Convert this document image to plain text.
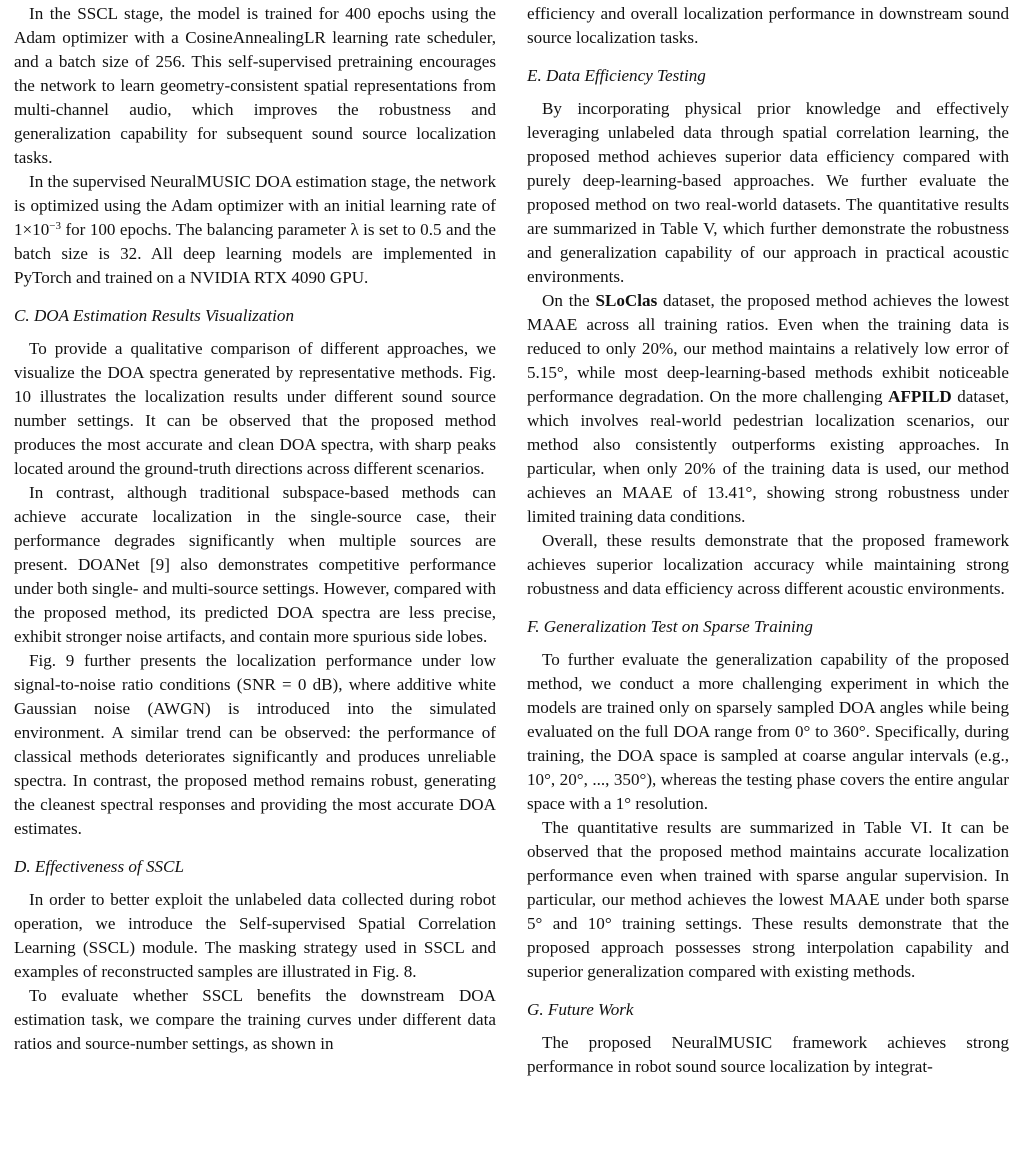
In the SSCL stage, the model is trained for 400 epochs using the Adam optimizer with a CosineAnnealingLR learning rate scheduler, and a batch size of 256. This self-supervised pretraining encourages the network to learn geometry-consistent spatial representations from multi-channel audio, which improves the robustness and generalization capability for subsequent sound source localization tasks.

In the supervised NeuralMUSIC DOA estimation stage, the network is optimized using the Adam optimizer with an initial learning rate of $1\times 10^{-3}$ for 100 epochs. The balancing parameter λ is set to 0.5 and the batch size is 32. All deep learning models are implemented in PyTorch and trained on a NVIDIA RTX 4090 GPU.

C. DOA Estimation Results Visualization

To provide a qualitative comparison of different approaches, we visualize the DOA spectra generated by representative methods. Fig. 10 illustrates the localization results under different sound source number settings. It can be observed that the proposed method produces the most accurate and clean DOA spectra, with sharp peaks located around the ground-truth directions across different scenarios.

In contrast, although traditional subspace-based methods can achieve accurate localization in the single-source case, their performance degrades significantly when multiple sources are present. DOANet [9] also demonstrates competitive performance under both single- and multi-source settings. However, compared with the proposed method, its predicted DOA spectra are less precise, exhibit stronger noise artifacts, and contain more spurious side lobes.

Fig. 9 further presents the localization performance under low signal-to-noise ratio conditions (SNR = 0 dB), where additive white Gaussian noise (AWGN) is introduced into the simulated environment. A similar trend can be observed: the performance of classical methods deteriorates significantly and produces unreliable spectra. In contrast, the proposed method remains robust, generating the cleanest spectral responses and providing the most accurate DOA estimates.

D. Effectiveness of SSCL

In order to better exploit the unlabeled data collected during robot operation, we introduce the Self-supervised Spatial Correlation Learning (SSCL) module. The masking strategy used in SSCL and examples of reconstructed samples are illustrated in Fig. 8.

To evaluate whether SSCL benefits the downstream DOA estimation task, we compare the training curves under different data ratios and source-number settings, as shown in

efficiency and overall localization performance in downstream sound source localization tasks.

E. Data Efficiency Testing

By incorporating physical prior knowledge and effectively leveraging unlabeled data through spatial correlation learning, the proposed method achieves superior data efficiency compared with purely deep-learning-based approaches. We further evaluate the proposed method on two real-world datasets. The quantitative results are summarized in Table V, which further demonstrate the robustness and generalization capability of our approach in practical acoustic environments.

On the SLoClas dataset, the proposed method achieves the lowest MAAE across all training ratios. Even when the training data is reduced to only 20%, our method maintains a relatively low error of 5.15°, while most deep-learning-based methods exhibit noticeable performance degradation. On the more challenging AFPILD dataset, which involves real-world pedestrian localization scenarios, our method also consistently outperforms existing approaches. In particular, when only 20% of the training data is used, our method achieves an MAAE of 13.41°, showing strong robustness under limited training data conditions.

Overall, these results demonstrate that the proposed framework achieves superior localization accuracy while maintaining strong robustness and data efficiency across different acoustic environments.

F. Generalization Test on Sparse Training

To further evaluate the generalization capability of the proposed method, we conduct a more challenging experiment in which the models are trained only on sparsely sampled DOA angles while being evaluated on the full DOA range from 0° to 360°. Specifically, during training, the DOA space is sampled at coarse angular intervals (e.g., 10°, 20°, ..., 350°), whereas the testing phase covers the entire angular space with a 1° resolution.

The quantitative results are summarized in Table VI. It can be observed that the proposed method maintains accurate localization performance even when trained with sparse angular supervision. In particular, our method achieves the lowest MAAE under both sparse 5° and 10° training settings. These results demonstrate that the proposed approach possesses strong interpolation capability and superior generalization compared with existing methods.

G. Future Work

The proposed NeuralMUSIC framework achieves strong performance in robot sound source localization by integrat-
